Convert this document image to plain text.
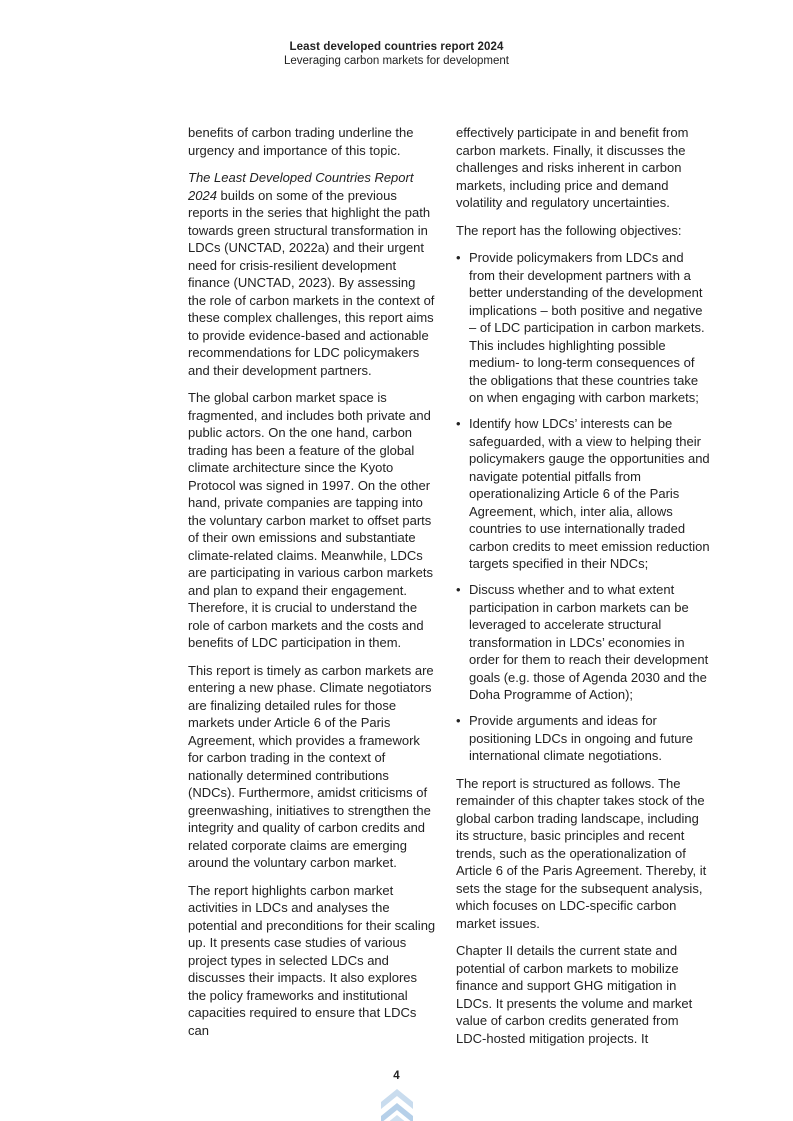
Least developed countries report 2024
Leveraging carbon markets for development

benefits of carbon trading underline the urgency and importance of this topic.

The Least Developed Countries Report 2024 builds on some of the previous reports in the series that highlight the path towards green structural transformation in LDCs (UNCTAD, 2022a) and their urgent need for crisis-resilient development finance (UNCTAD, 2023). By assessing the role of carbon markets in the context of these complex challenges, this report aims to provide evidence-based and actionable recommendations for LDC policymakers and their development partners.

The global carbon market space is fragmented, and includes both private and public actors. On the one hand, carbon trading has been a feature of the global climate architecture since the Kyoto Protocol was signed in 1997. On the other hand, private companies are tapping into the voluntary carbon market to offset parts of their own emissions and substantiate climate-related claims. Meanwhile, LDCs are participating in various carbon markets and plan to expand their engagement. Therefore, it is crucial to understand the role of carbon markets and the costs and benefits of LDC participation in them.

This report is timely as carbon markets are entering a new phase. Climate negotiators are finalizing detailed rules for those markets under Article 6 of the Paris Agreement, which provides a framework for carbon trading in the context of nationally determined contributions (NDCs). Furthermore, amidst criticisms of greenwashing, initiatives to strengthen the integrity and quality of carbon credits and related corporate claims are emerging around the voluntary carbon market.

The report highlights carbon market activities in LDCs and analyses the potential and preconditions for their scaling up. It presents case studies of various project types in selected LDCs and discusses their impacts. It also explores the policy frameworks and institutional capacities required to ensure that LDCs can

effectively participate in and benefit from carbon markets. Finally, it discusses the challenges and risks inherent in carbon markets, including price and demand volatility and regulatory uncertainties.

The report has the following objectives:

• Provide policymakers from LDCs and from their development partners with a better understanding of the development implications – both positive and negative – of LDC participation in carbon markets. This includes highlighting possible medium- to long-term consequences of the obligations that these countries take on when engaging with carbon markets;
• Identify how LDCs’ interests can be safeguarded, with a view to helping their policymakers gauge the opportunities and navigate potential pitfalls from operationalizing Article 6 of the Paris Agreement, which, inter alia, allows countries to use internationally traded carbon credits to meet emission reduction targets specified in their NDCs;
• Discuss whether and to what extent participation in carbon markets can be leveraged to accelerate structural transformation in LDCs’ economies in order for them to reach their development goals (e.g. those of Agenda 2030 and the Doha Programme of Action);
• Provide arguments and ideas for positioning LDCs in ongoing and future international climate negotiations.

The report is structured as follows. The remainder of this chapter takes stock of the global carbon trading landscape, including its structure, basic principles and recent trends, such as the operationalization of Article 6 of the Paris Agreement. Thereby, it sets the stage for the subsequent analysis, which focuses on LDC-specific carbon market issues.

Chapter II details the current state and potential of carbon markets to mobilize finance and support GHG mitigation in LDCs. It presents the volume and market value of carbon credits generated from LDC-hosted mitigation projects. It

4
